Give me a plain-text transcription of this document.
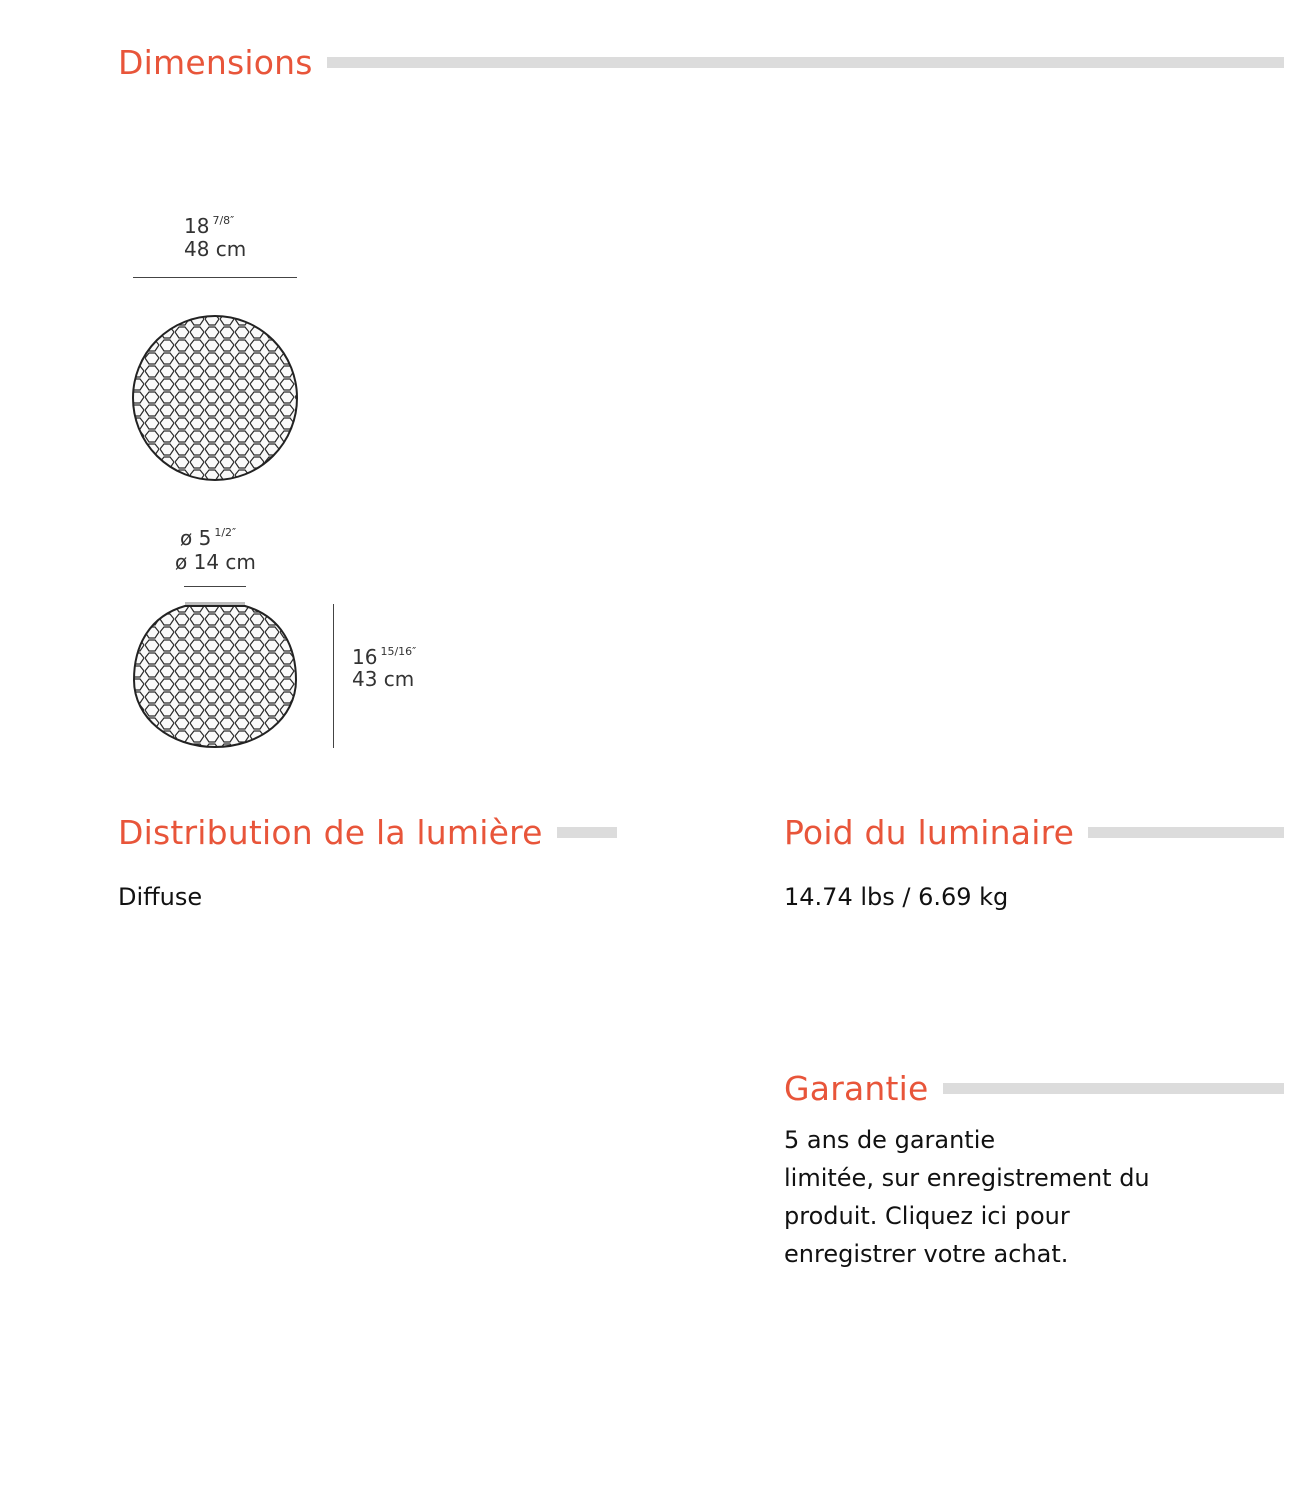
Dimensions
18 $^{7/8''}$
48 cm
ø 5 $^{1/2''}$
ø 14 cm
16 $^{15/16''}$
43 cm
Distribution de la lumière
Diffuse
Poid du luminaire
14.74 lbs / 6.69 kg
Garantie
5 ans de garantie
limitée, sur enregistrement du
produit. Cliquez ici pour
enregistrer votre achat.
